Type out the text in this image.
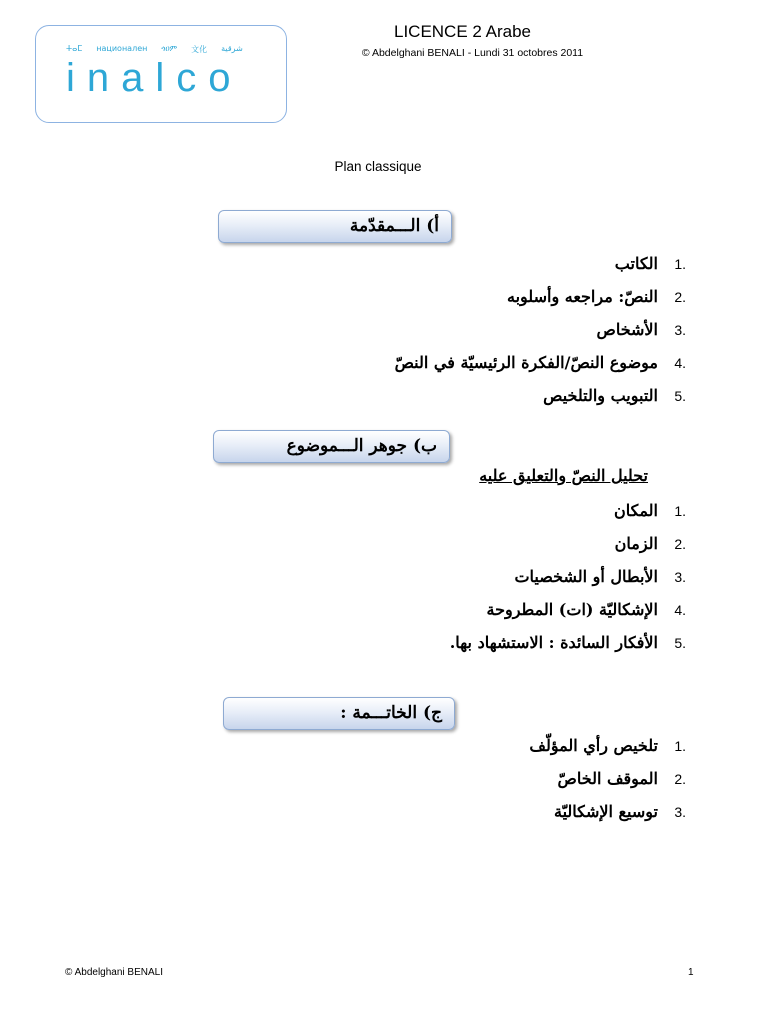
ⵜⴰⵎ национален ጎዐም 文化 شرقية
inalco
LICENCE 2 Arabe
© Abdelghani BENALI - Lundi 31 octobres 2011
Plan classique
أ) الـــمقدّمة
1.
الكاتب
2.
النصّ: مراجعه وأسلوبه
3.
الأشخاص
4.
موضوع النصّ/الفكرة الرئيسيّة في النصّ
5.
التبويب والتلخيص
ب) جوهر الـــموضوع
تحليل النصّ والتعليق عليه
1.
المكان
2.
الزمان
3.
الأبطال أو الشخصيات
4.
الإشكاليّة (ات) المطروحة
5.
الأفكار السائدة : الاستشهاد بها.
ج) الخاتـــمة :
1.
تلخيص رأي المؤلّف
2.
الموقف الخاصّ
3.
توسيع الإشكاليّة
© Abdelghani BENALI	1
